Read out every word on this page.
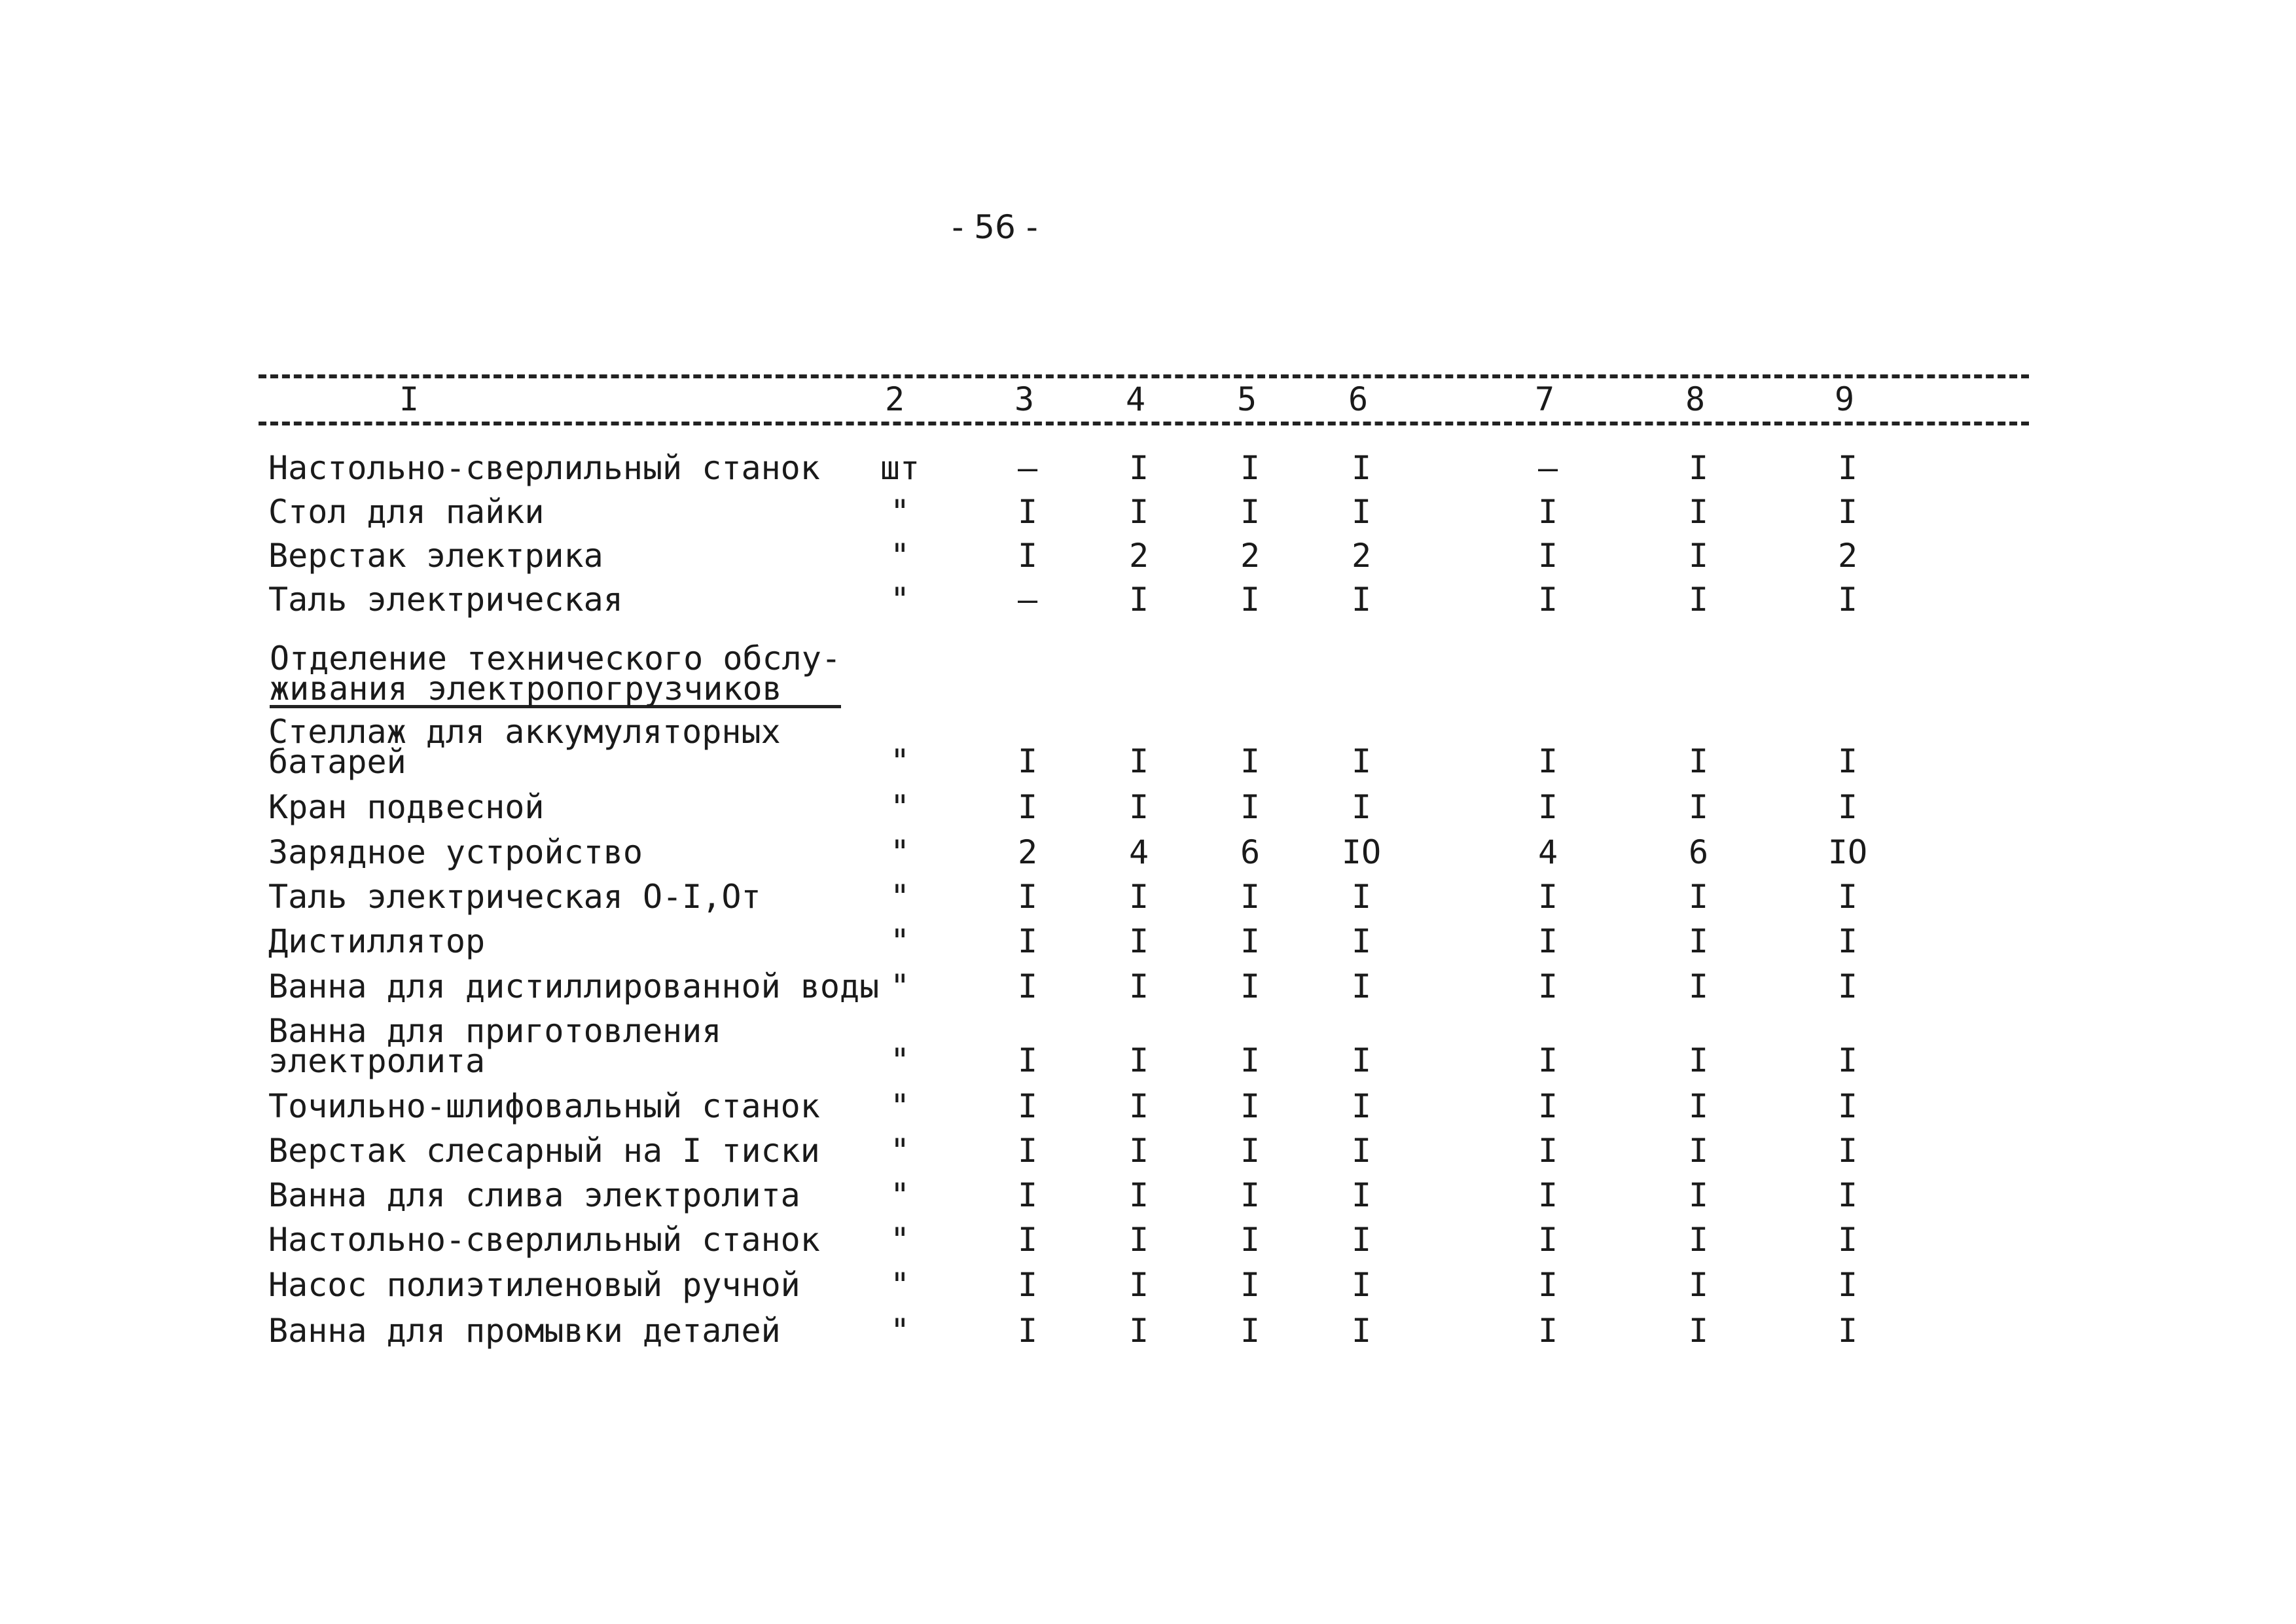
- 56 -
I	2	3	4	5	6	7	8	9
Настольно-сверлильный станок	шт	–	I	I	I	–	I	I
Стол для пайки	"	I	I	I	I	I	I	I
Верстак электрика	"	I	2	2	2	I	I	2
Таль электрическая	"	–	I	I	I	I	I	I
Отделение технического обслу-
живания электропогрузчиков
Стеллаж для аккумуляторных
батарей	"	I	I	I	I	I	I	I
Кран подвесной	"	I	I	I	I	I	I	I
Зарядное устройство	"	2	4	6	IO	4	6	IO
Таль электрическая О-I,От	"	I	I	I	I	I	I	I
Дистиллятор	"	I	I	I	I	I	I	I
Ванна для дистиллированной воды "	I	I	I	I	I	I	I
Ванна для приготовления
электролита	"	I	I	I	I	I	I	I
Точильно-шлифовальный станок	"	I	I	I	I	I	I	I
Верстак слесарный на I тиски	"	I	I	I	I	I	I	I
Ванна для слива электролита	"	I	I	I	I	I	I	I
Настольно-сверлильный станок	"	I	I	I	I	I	I	I
Насос полиэтиленовый ручной	"	I	I	I	I	I	I	I
Ванна для промывки деталей	"	I	I	I	I	I	I	I
